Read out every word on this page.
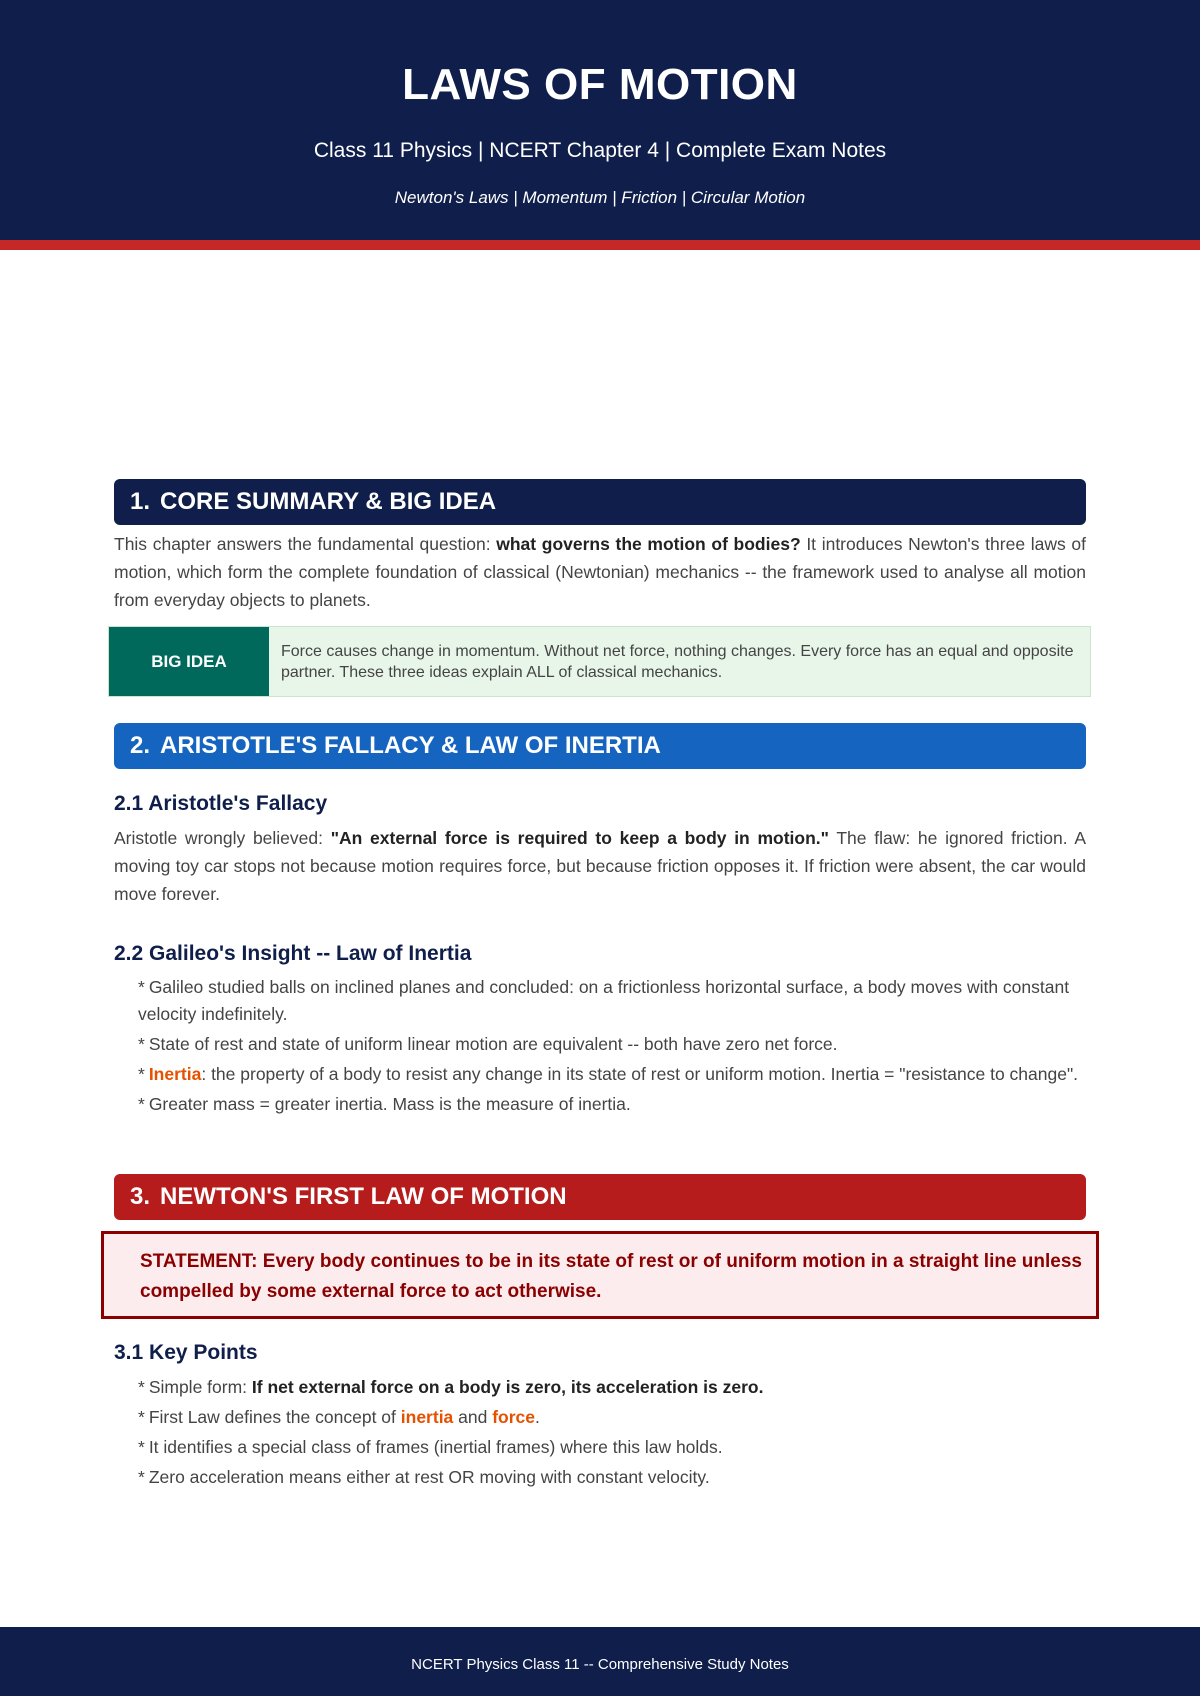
LAWS OF MOTION
Class 11 Physics | NCERT Chapter 4 | Complete Exam Notes
Newton's Laws | Momentum | Friction | Circular Motion
1. CORE SUMMARY & BIG IDEA

This chapter answers the fundamental question: what governs the motion of bodies? It introduces Newton's three laws of motion, which form the complete foundation of classical (Newtonian) mechanics -- the framework used to analyse all motion from everyday objects to planets.

BIG IDEA
Force causes change in momentum. Without net force, nothing changes. Every force has an equal and opposite partner. These three ideas explain ALL of classical mechanics.
2. ARISTOTLE'S FALLACY & LAW OF INERTIA
2.1 Aristotle's Fallacy

Aristotle wrongly believed: "An external force is required to keep a body in motion." The flaw: he ignored friction. A moving toy car stops not because motion requires force, but because friction opposes it. If friction were absent, the car would move forever.

2.2 Galileo's Insight -- Law of Inertia
* Galileo studied balls on inclined planes and concluded: on a frictionless horizontal surface, a body moves with constant velocity indefinitely.
* State of rest and state of uniform linear motion are equivalent -- both have zero net force.
* Inertia: the property of a body to resist any change in its state of rest or uniform motion. Inertia = "resistance to change".
* Greater mass = greater inertia. Mass is the measure of inertia.
3. NEWTON'S FIRST LAW OF MOTION
STATEMENT: Every body continues to be in its state of rest or of uniform motion in a straight line unless compelled by some external force to act otherwise.
3.1 Key Points
* Simple form: If net external force on a body is zero, its acceleration is zero.
* First Law defines the concept of inertia and force.
* It identifies a special class of frames (inertial frames) where this law holds.
* Zero acceleration means either at rest OR moving with constant velocity.
NCERT Physics Class 11 -- Comprehensive Study Notes
